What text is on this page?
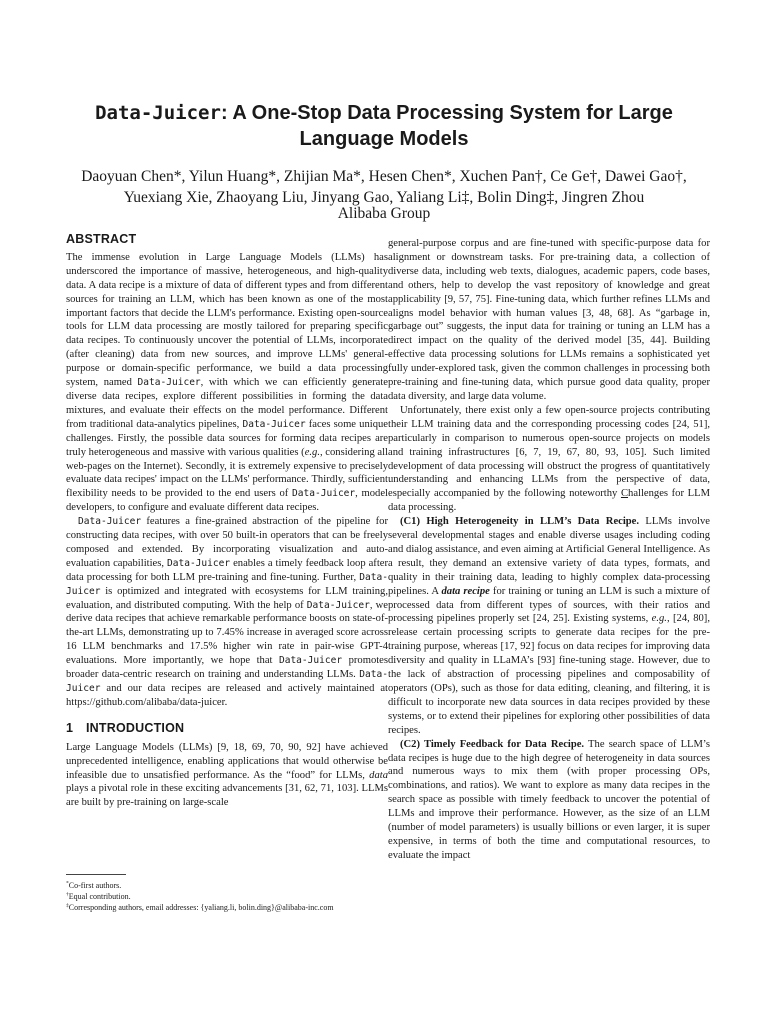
Data-Juicer: A One-Stop Data Processing System for Large Language Models
Daoyuan Chen*, Yilun Huang*, Zhijian Ma*, Hesen Chen*, Xuchen Pan†, Ce Ge†, Dawei Gao†,
Yuexiang Xie, Zhaoyang Liu, Jinyang Gao, Yaliang Li‡, Bolin Ding‡, Jingren Zhou
Alibaba Group
ABSTRACT

The immense evolution in Large Language Models (LLMs) has underscored the importance of massive, heterogeneous, and high-quality data. A data recipe is a mixture of data of different types and from different sources for training an LLM, which has been known as one of the most important factors that decide the LLM's performance. Existing open-source tools for LLM data processing are mostly tailored for preparing specific data recipes. To continuously uncover the potential of LLMs, incorporate (after cleaning) data from new sources, and improve LLMs' general-purpose or domain-specific performance, we build a data processing system, named Data-Juicer, with which we can efficiently generate diverse data recipes, explore different possibilities in forming the data mixtures, and evaluate their effects on the model performance. Different from traditional data-analytics pipelines, Data-Juicer faces some unique challenges. Firstly, the possible data sources for forming data recipes are truly heterogeneous and massive with various qualities (e.g., considering all web-pages on the Internet). Secondly, it is extremely expensive to precisely evaluate data recipes' impact on the LLMs' performance. Thirdly, sufficient flexibility needs to be provided to the end users of Data-Juicer, model developers, to configure and evaluate different data recipes.

Data-Juicer features a fine-grained abstraction of the pipeline for constructing data recipes, with over 50 built-in operators that can be freely composed and extended. By incorporating visualization and auto-evaluation capabilities, Data-Juicer enables a timely feedback loop after data processing for both LLM pre-training and fine-tuning. Further, Data-Juicer is optimized and integrated with ecosystems for LLM training, evaluation, and distributed computing. With the help of Data-Juicer, we derive data recipes that achieve remarkable performance boosts on state-of-the-art LLMs, demonstrating up to 7.45% increase in averaged score across 16 LLM benchmarks and 17.5% higher win rate in pair-wise GPT-4 evaluations. More importantly, we hope that Data-Juicer promotes broader data-centric research on training and understanding LLMs. Data-Juicer and our data recipes are released and actively maintained at https://github.com/alibaba/data-juicer.

1 INTRODUCTION

Large Language Models (LLMs) [9, 18, 69, 70, 90, 92] have achieved unprecedented intelligence, enabling applications that would otherwise be infeasible due to unsatisfied performance. As the “food” for LLMs, data plays a pivotal role in these exciting advancements [31, 62, 71, 103]. LLMs are built by pre-training on large-scale

*Co-first authors.
†Equal contribution.
‡Corresponding authors, email addresses: {yaliang.li, bolin.ding}@alibaba-inc.com

general-purpose corpus and are fine-tuned with specific-purpose data for alignment or downstream tasks. For pre-training data, a collection of diverse data, including web texts, dialogues, academic papers, code bases, and others, help to develop the vast repository of knowledge and great applicability [9, 57, 75]. Fine-tuning data, which further refines LLMs and aligns model behavior with human values [3, 48, 68]. As “garbage in, garbage out” suggests, the input data for training or tuning an LLM has a direct impact on the quality of the derived model [35, 44]. Building effective data processing solutions for LLMs remains a sophisticated yet fully under-explored task, given the common challenges in processing both pre-training and fine-tuning data, which pursue good data quality, proper data diversity, and large data volume.

Unfortunately, there exist only a few open-source projects contributing their LLM training data and the corresponding processing codes [24, 51], particularly in comparison to numerous open-source projects on models and training infrastructures [6, 7, 19, 67, 80, 93, 105]. Such limited development of data processing will obstruct the progress of quantitatively understanding and enhancing LLMs from the perspective of data, especially accompanied by the following noteworthy Challenges for LLM data processing.

(C1) High Heterogeneity in LLM’s Data Recipe. LLMs involve several developmental stages and enable diverse usages including coding and dialog assistance, and even aiming at Artificial General Intelligence. As a result, they demand an extensive variety of data types, formats, and quality in their training data, leading to highly complex data-processing pipelines. A data recipe for training or tuning an LLM is such a mixture of processed data from different types of sources, with their ratios and processing pipelines properly set [24, 25]. Existing systems, e.g., [24, 80], release certain processing scripts to generate data recipes for the pre-training purpose, whereas [17, 92] focus on data recipes for improving data diversity and quality in LLaMA’s [93] fine-tuning stage. However, due to the lack of abstraction of processing pipelines and composability of operators (OPs), such as those for data editing, cleaning, and filtering, it is difficult to incorporate new data sources in data recipes provided by these systems, or to extend their pipelines for exploring other possibilities of data recipes.

(C2) Timely Feedback for Data Recipe. The search space of LLM’s data recipes is huge due to the high degree of heterogeneity in data sources and numerous ways to mix them (with proper processing OPs, combinations, and ratios). We want to explore as many data recipes in the search space as possible with timely feedback to uncover the potential of LLMs and improve their performance. However, as the size of an LLM (number of model parameters) is usually billions or even larger, it is super expensive, in terms of both the time and computational resources, to evaluate the impact
